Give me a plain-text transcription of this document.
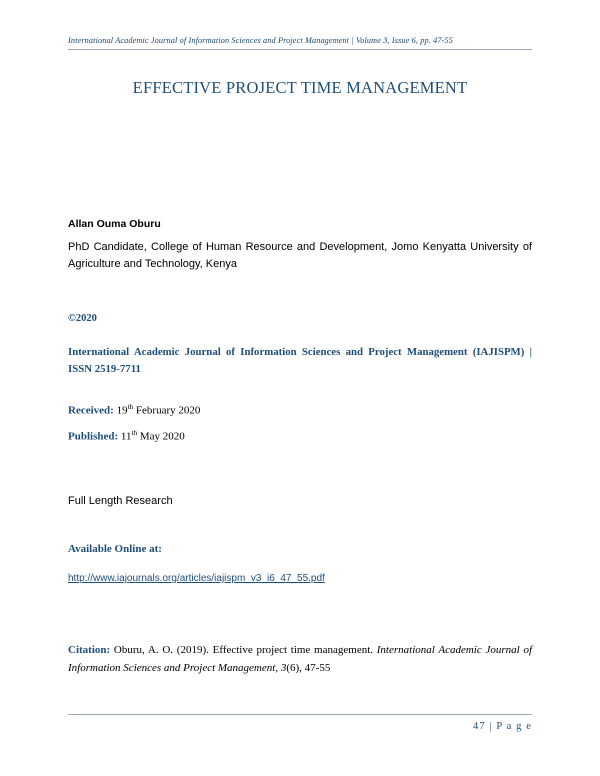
International Academic Journal of Information Sciences and Project Management | Volume 3, Issue 6, pp. 47-55
EFFECTIVE PROJECT TIME MANAGEMENT
Allan Ouma Oburu
PhD Candidate, College of Human Resource and Development, Jomo Kenyatta University of Agriculture and Technology, Kenya
©2020
International Academic Journal of Information Sciences and Project Management (IAJISPM) | ISSN 2519-7711
Received: 19th February 2020
Published: 11th May 2020
Full Length Research
Available Online at:
http://www.iajournals.org/articles/iajispm_v3_i6_47_55.pdf
Citation: Oburu, A. O. (2019). Effective project time management. International Academic Journal of Information Sciences and Project Management, 3(6), 47-55
47 | P a g e
